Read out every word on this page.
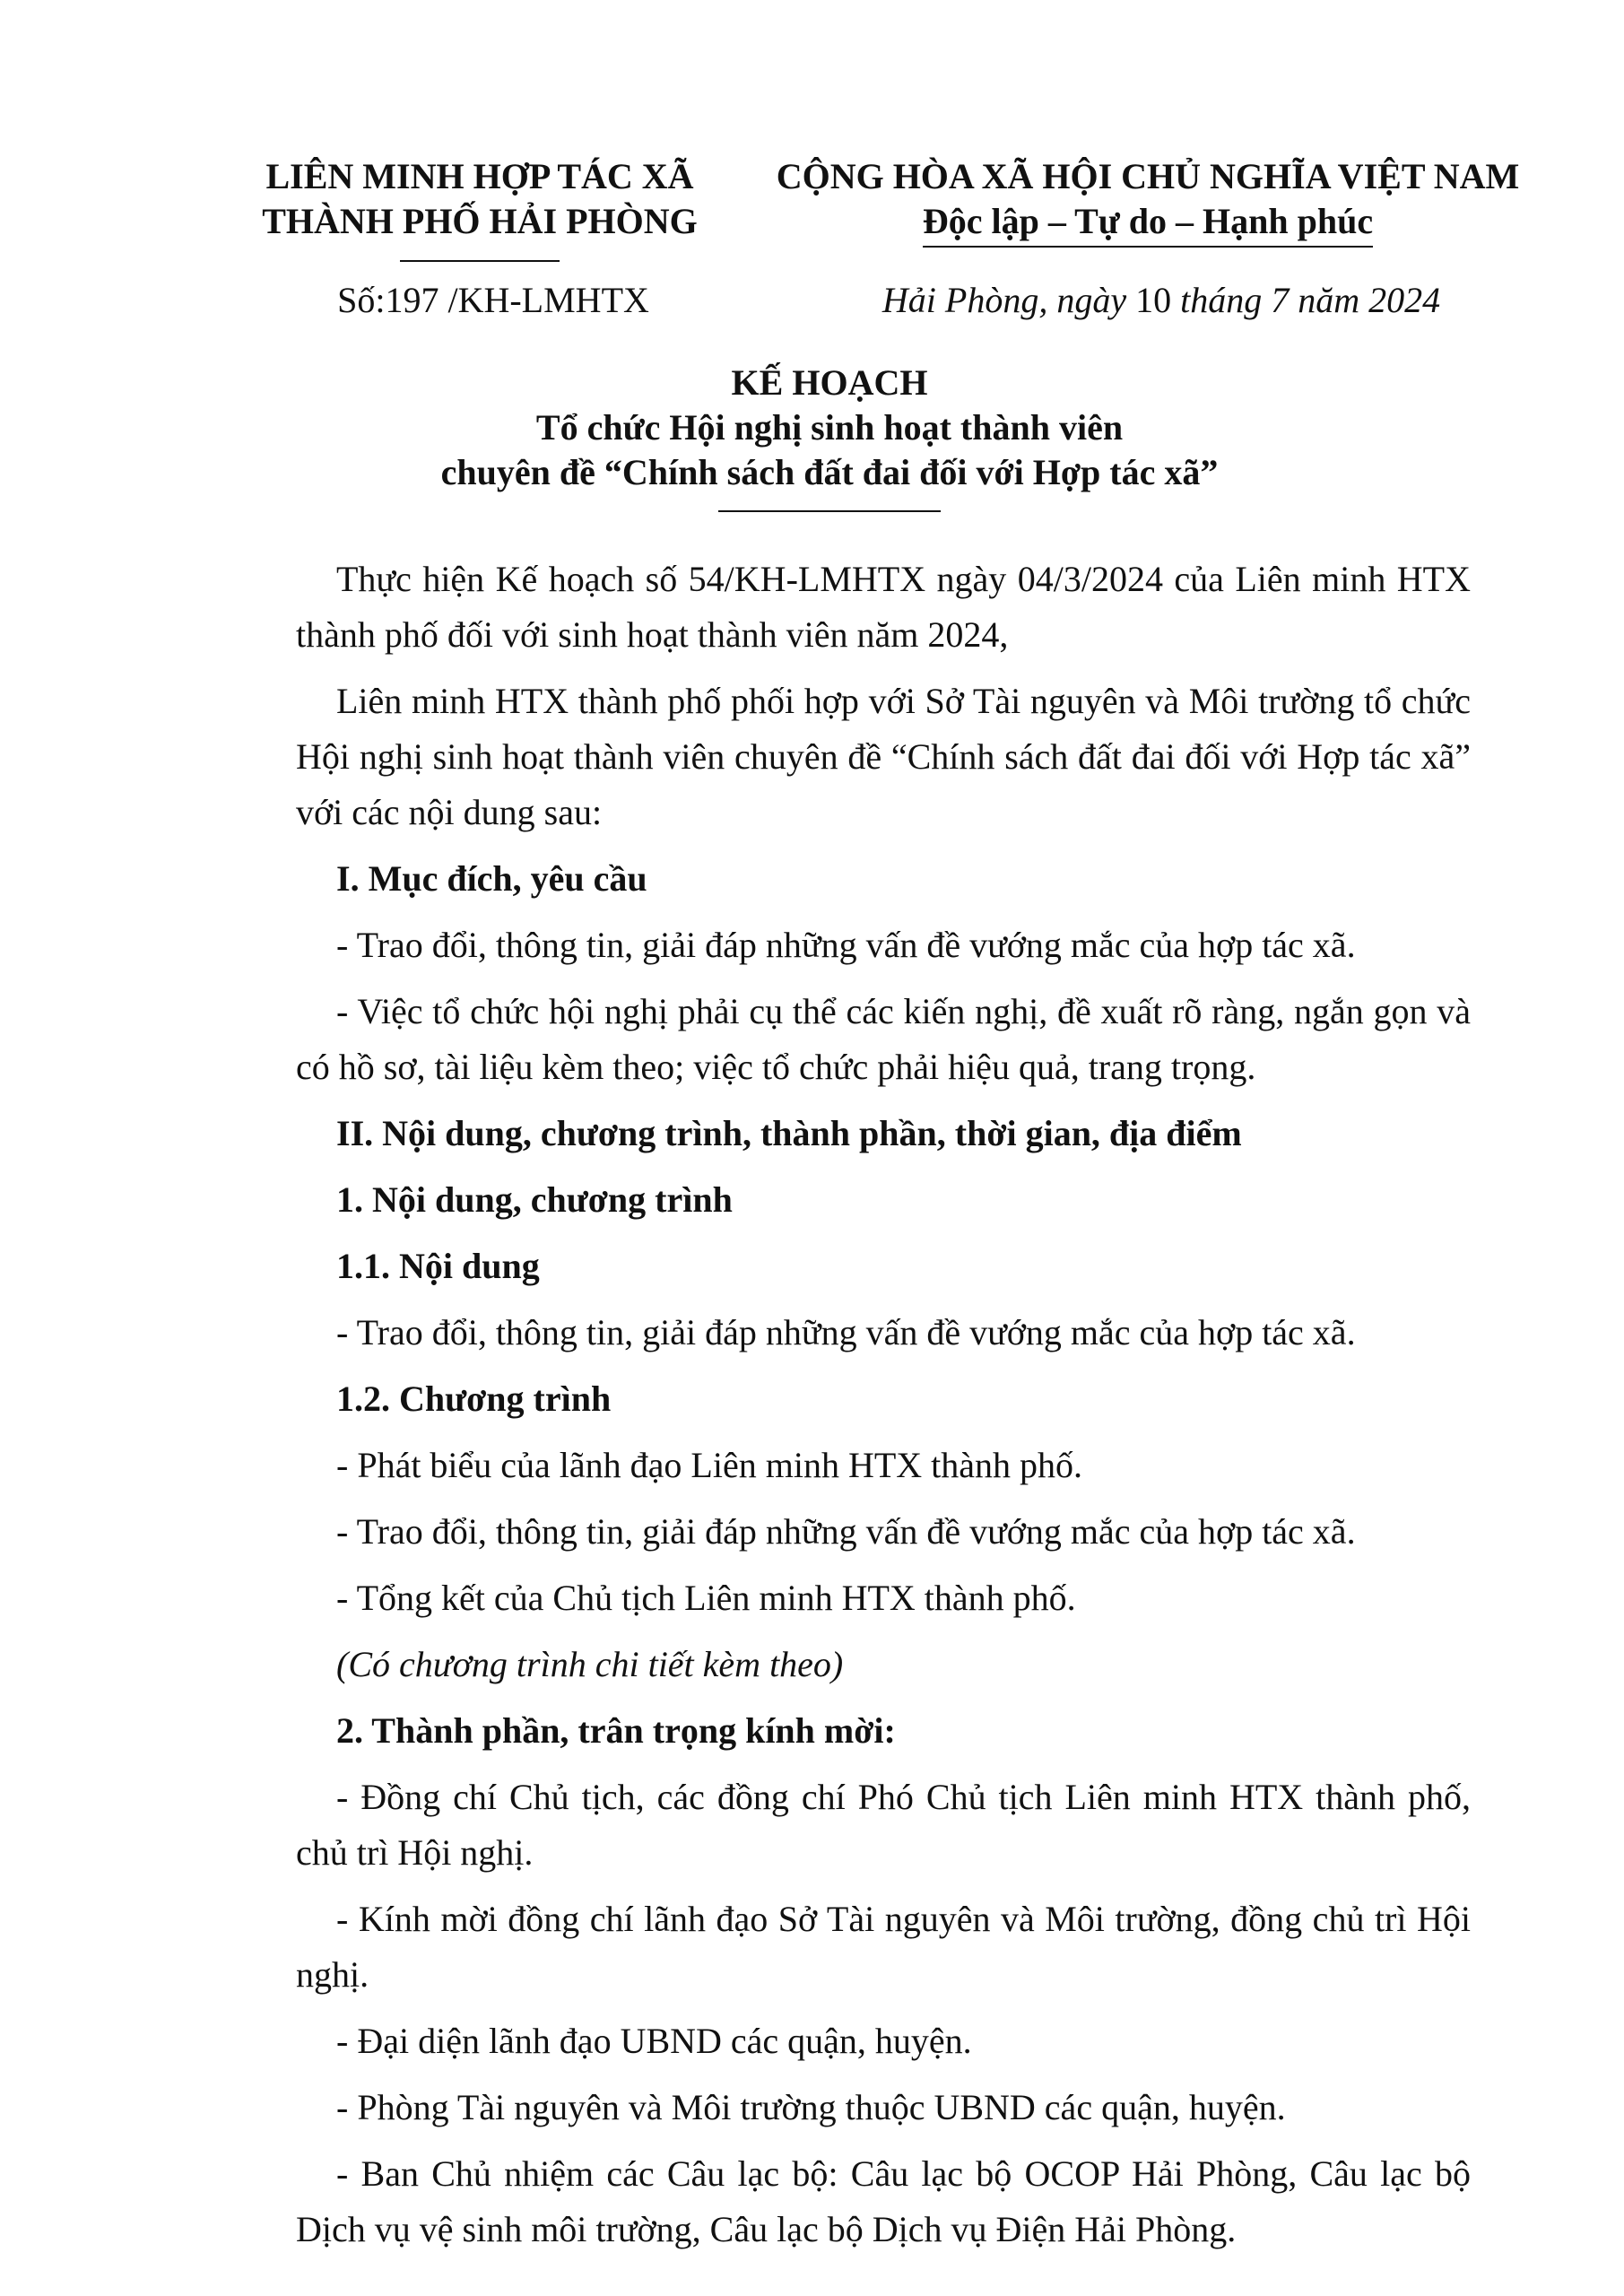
LIÊN MINH HỢP TÁC XÃ
THÀNH PHỐ HẢI PHÒNG
CỘNG HÒA XÃ HỘI CHỦ NGHĨA VIỆT NAM
Độc lập – Tự do – Hạnh phúc
Số:197 /KH-LMHTX	Hải Phòng, ngày 10 tháng 7 năm 2024
KẾ HOẠCH
Tổ chức Hội nghị sinh hoạt thành viên
chuyên đề “Chính sách đất đai đối với Hợp tác xã”

Thực hiện Kế hoạch số 54/KH-LMHTX ngày 04/3/2024 của Liên minh HTX thành phố đối với sinh hoạt thành viên năm 2024,

Liên minh HTX thành phố phối hợp với Sở Tài nguyên và Môi trường tổ chức Hội nghị sinh hoạt thành viên chuyên đề “Chính sách đất đai đối với Hợp tác xã” với các nội dung sau:

I. Mục đích, yêu cầu

- Trao đổi, thông tin, giải đáp những vấn đề vướng mắc của hợp tác xã.

- Việc tổ chức hội nghị phải cụ thể các kiến nghị, đề xuất rõ ràng, ngắn gọn và có hồ sơ, tài liệu kèm theo; việc tổ chức phải hiệu quả, trang trọng.

II. Nội dung, chương trình, thành phần, thời gian, địa điểm
1. Nội dung, chương trình
1.1. Nội dung

- Trao đổi, thông tin, giải đáp những vấn đề vướng mắc của hợp tác xã.

1.2. Chương trình

- Phát biểu của lãnh đạo Liên minh HTX thành phố.

- Trao đổi, thông tin, giải đáp những vấn đề vướng mắc của hợp tác xã.

- Tổng kết của Chủ tịch Liên minh HTX thành phố.

(Có chương trình chi tiết kèm theo)
2. Thành phần, trân trọng kính mời:

- Đồng chí Chủ tịch, các đồng chí Phó Chủ tịch Liên minh HTX thành phố, chủ trì Hội nghị.

- Kính mời đồng chí lãnh đạo Sở Tài nguyên và Môi trường, đồng chủ trì Hội nghị.

- Đại diện lãnh đạo UBND các quận, huyện.

- Phòng Tài nguyên và Môi trường thuộc UBND các quận, huyện.

- Ban Chủ nhiệm các Câu lạc bộ: Câu lạc bộ OCOP Hải Phòng, Câu lạc bộ Dịch vụ vệ sinh môi trường, Câu lạc bộ Dịch vụ Điện Hải Phòng.
